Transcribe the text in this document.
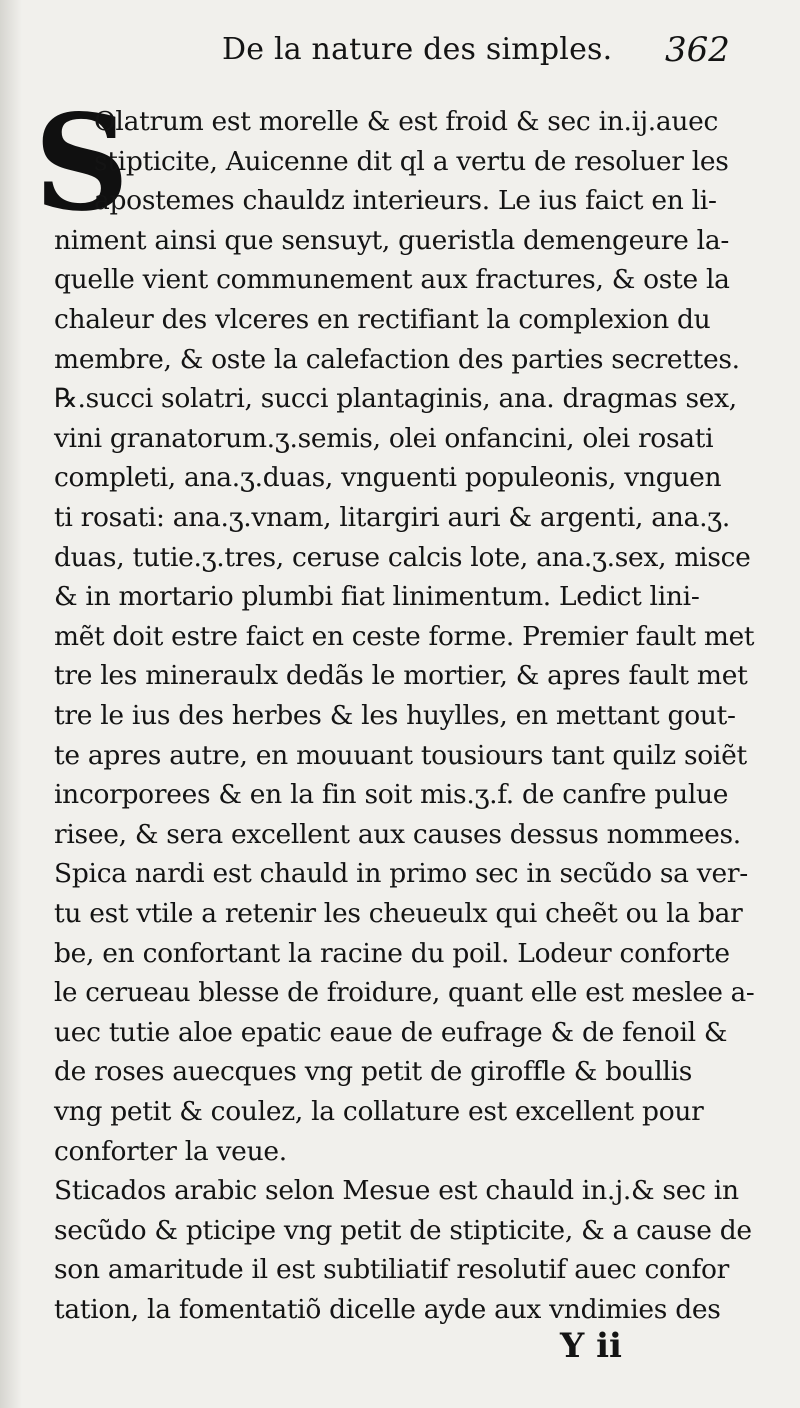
De la nature des simples. 362
S
Olatrum est morelle & est froid & sec in.ij.auec
stipticite, Auicenne dit ql a vertu de resoluer les
apostemes chauldz interieurs. Le ius faict en li-
niment ainsi que sensuyt, gueristla demengeure la-
quelle vient communement aux fractures, & oste la
chaleur des vlceres en rectifiant la complexion du
membre, & oste la calefaction des parties secrettes.
℞.succi solatri, succi plantaginis, ana. dragmas sex,
vini granatorum.ʒ.semis, olei onfancini, olei rosati
completi, ana.ʒ.duas, vnguenti populeonis, vnguen
ti rosati: ana.ʒ.vnam, litargiri auri & argenti, ana.ʒ.
duas, tutie.ʒ.tres, ceruse calcis lote, ana.ʒ.sex, misce
& in mortario plumbi fiat linimentum. Ledict lini-
mẽt doit estre faict en ceste forme. Premier fault met
tre les mineraulx dedãs le mortier, & apres fault met
tre le ius des herbes & les huylles, en mettant gout-
te apres autre, en mouuant tousiours tant quilz soiẽt
incorporees & en la fin soit mis.ʒ.f. de canfre pulue
risee, & sera excellent aux causes dessus nommees.
Spica nardi est chauld in primo sec in secũdo sa ver-
tu est vtile a retenir les cheueulx qui cheẽt ou la bar
be, en confortant la racine du poil. Lodeur conforte
le cerueau blesse de froidure, quant elle est meslee a-
uec tutie aloe epatic eaue de eufrage & de fenoil &
de roses auecques vng petit de giroffle & boullis
vng petit & coulez, la collature est excellent pour
conforter la veue.
Sticados arabic selon Mesue est chauld in.j.& sec in
secũdo & pticipe vng petit de stipticite, & a cause de
son amaritude il est subtiliatif resolutif auec confor
tation, la fomentatiõ dicelle ayde aux vndimies des
Y ii
